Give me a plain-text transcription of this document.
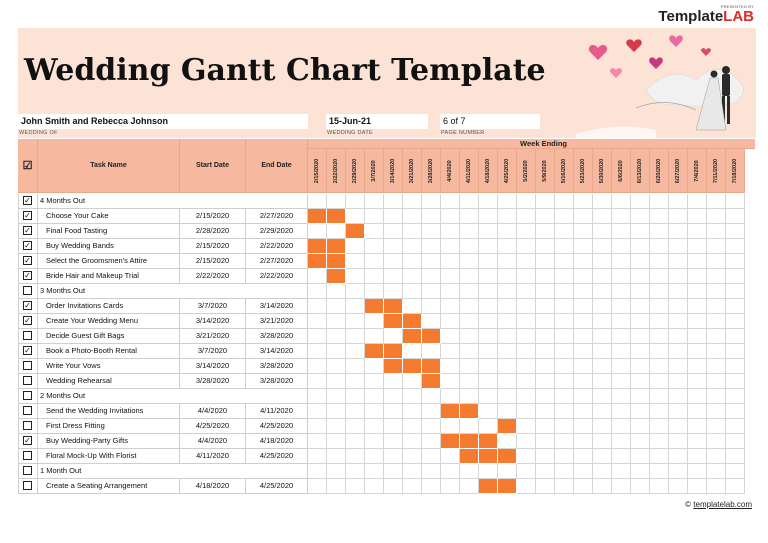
PRESENTED BY
TemplateLAB
Wedding Gantt Chart Template
John Smith and Rebecca Johnson
WEDDING OF
15-Jun-21
WEDDING DATE
6 of 7
PAGE NUMBER
☑	Task Name	Start Date	End Date
Week Ending
2/15/2020 2/22/2020 2/29/2020 3/7/2020 3/14/2020 3/21/2020 3/28/2020 4/4/2020 4/11/2020 4/18/2020 4/25/2020 5/2/2020 5/9/2020 5/16/2020 5/23/2020 5/30/2020 6/6/2020 6/13/2020 6/20/2020 6/27/2020 7/4/2020 7/11/2020 7/18/2020
✓ 4 Months Out
✓	Choose Your Cake	2/15/2020	2/27/2020
✓	Final Food Tasting	2/28/2020	2/29/2020
✓	Buy Wedding Bands	2/15/2020	2/22/2020
✓	Select the Groomsmen's Attire	2/15/2020	2/27/2020
✓	Bride Hair and Makeup Trial	2/22/2020	2/22/2020
3 Months Out
✓	Order Invitations Cards	3/7/2020	3/14/2020
✓	Create Your Wedding Menu	3/14/2020	3/21/2020
Decide Guest Gift Bags	3/21/2020	3/28/2020
✓	Book a Photo-Booth Rental	3/7/2020	3/14/2020
Write Your Vows	3/14/2020	3/28/2020
Wedding Rehearsal	3/28/2020	3/28/2020
2 Months Out
Send the Wedding Invitations	4/4/2020	4/11/2020
First Dress Fitting	4/25/2020	4/25/2020
✓	Buy Wedding-Party Gifts	4/4/2020	4/18/2020
Floral Mock-Up With Florist	4/11/2020	4/25/2020
1 Month Out
Create a Seating Arrangement	4/18/2020	4/25/2020
© templatelab.com
